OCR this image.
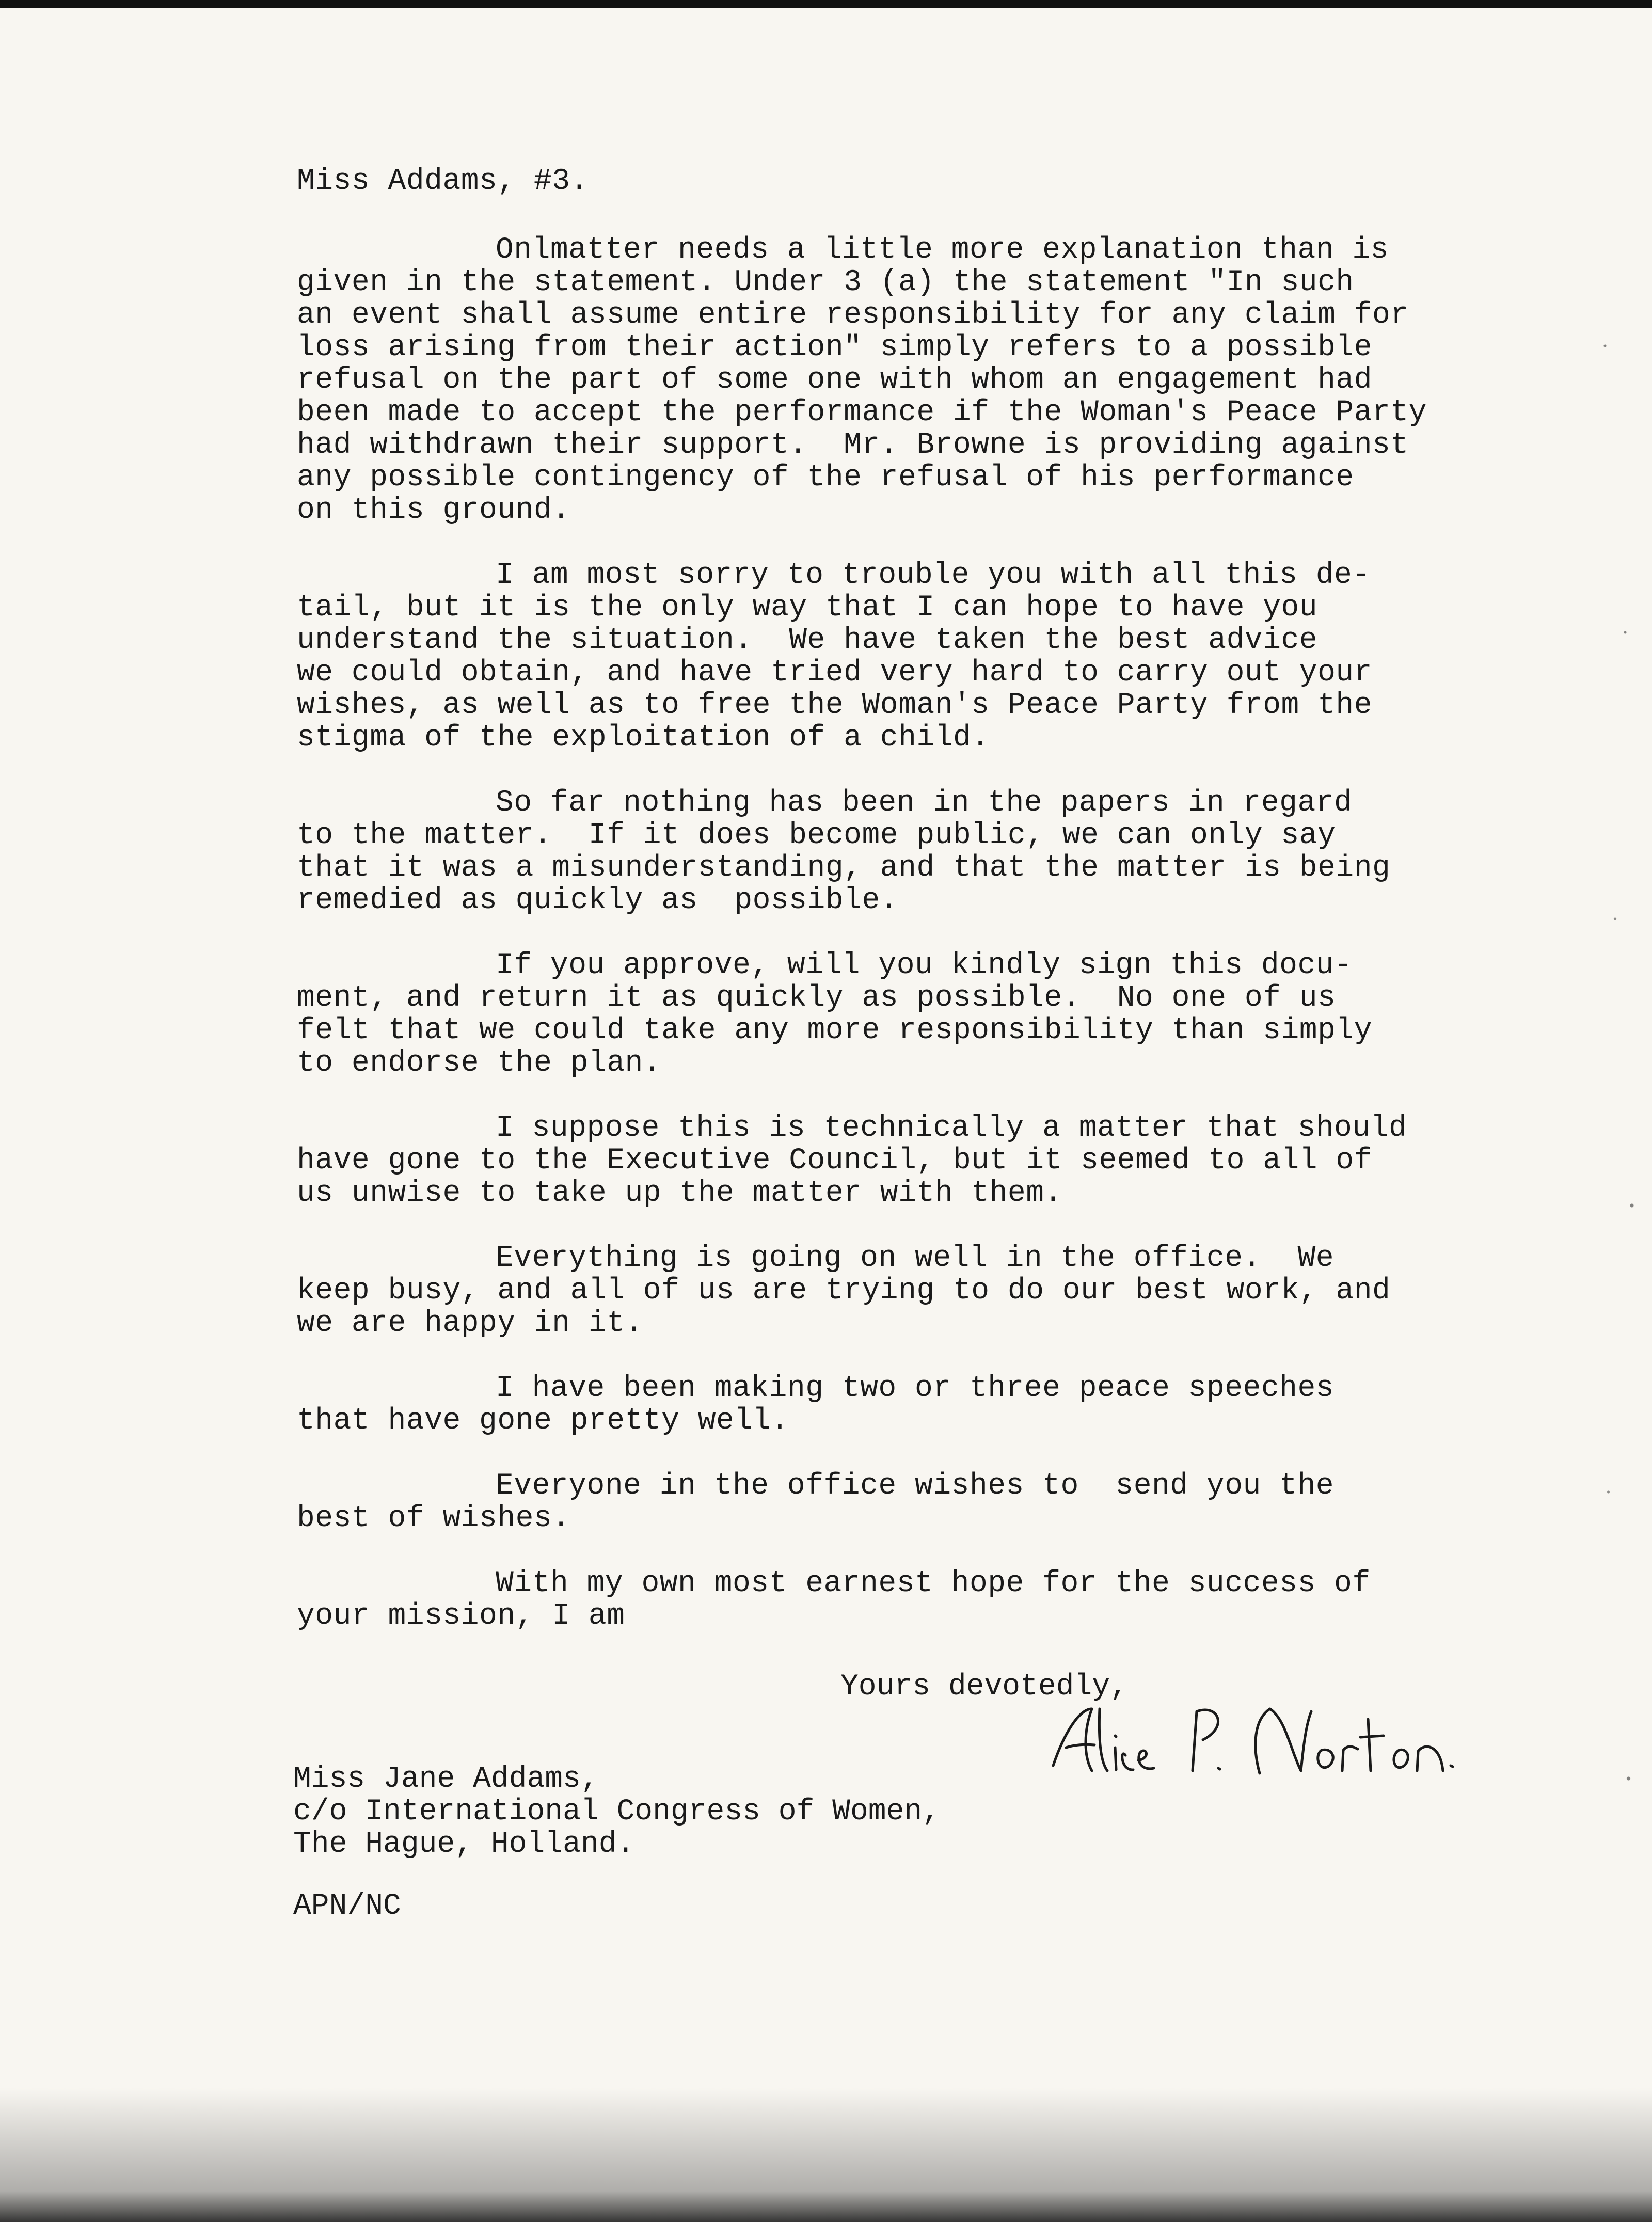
Miss Addams, #3.
Onlmatter needs a little more explanation than is
given in the statement. Under 3 (a) the statement "In such
an event shall assume entire responsibility for any claim for
loss arising from their action" simply refers to a possible
refusal on the part of some one with whom an engagement had
been made to accept the performance if the Woman's Peace Party
had withdrawn their support.  Mr. Browne is providing against
any possible contingency of the refusal of his performance
on this ground.
I am most sorry to trouble you with all this de-
tail, but it is the only way that I can hope to have you
understand the situation.  We have taken the best advice
we could obtain, and have tried very hard to carry out your
wishes, as well as to free the Woman's Peace Party from the
stigma of the exploitation of a child.
So far nothing has been in the papers in regard
to the matter.  If it does become public, we can only say
that it was a misunderstanding, and that the matter is being
remedied as quickly as  possible.
If you approve, will you kindly sign this docu-
ment, and return it as quickly as possible.  No one of us
felt that we could take any more responsibility than simply
to endorse the plan.
I suppose this is technically a matter that should
have gone to the Executive Council, but it seemed to all of
us unwise to take up the matter with them.
Everything is going on well in the office.  We
keep busy, and all of us are trying to do our best work, and
we are happy in it.
I have been making two or three peace speeches
that have gone pretty well.
Everyone in the office wishes to  send you the
best of wishes.
With my own most earnest hope for the success of
your mission, I am
Yours devotedly,
Miss Jane Addams,
c/o International Congress of Women,
The Hague, Holland.
APN/NC
